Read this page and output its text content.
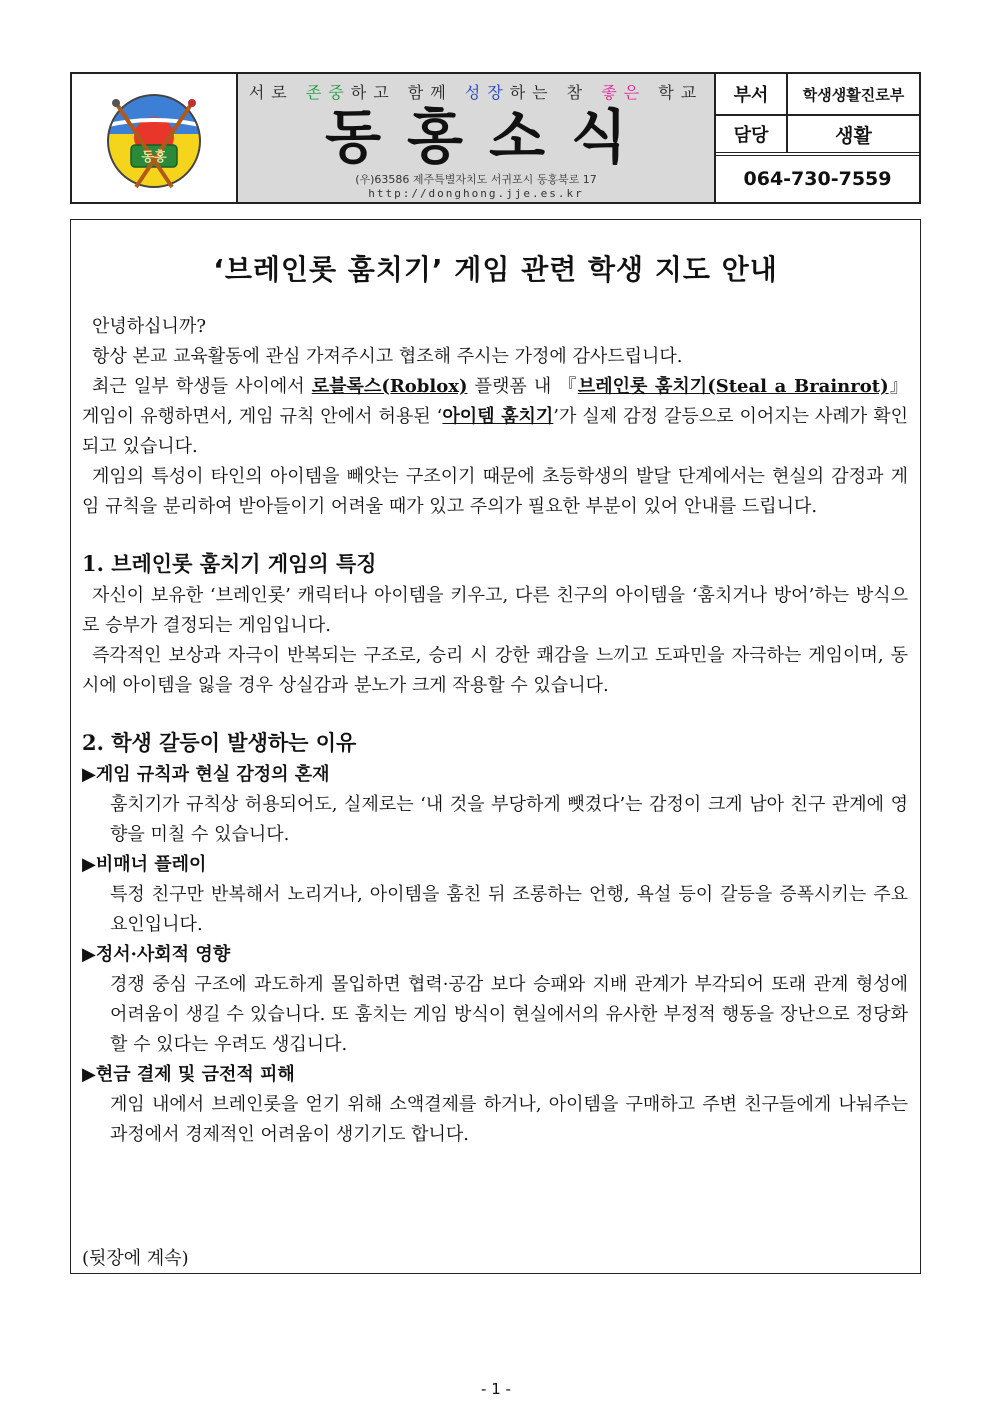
동홍
서로 존중하고 함께 성장하는 참 좋은 학교
동홍소식
(우)63586 제주특별자치도 서귀포시 동홍북로 17
http://donghong.jje.es.kr
부서	학생생활진로부
담당	생활
064-730-7559
‘브레인롯 훔치기’ 게임 관련 학생 지도 안내

안녕하십니까?

항상 본교 교육활동에 관심 가져주시고 협조해 주시는 가정에 감사드립니다.

최근 일부 학생들 사이에서 로블록스(Roblox) 플랫폼 내 『브레인롯 훔치기(Steal a Brainrot)』게임이 유행하면서, 게임 규칙 안에서 허용된 ‘아이템 훔치기’가 실제 감정 갈등으로 이어지는 사례가 확인되고 있습니다.

게임의 특성이 타인의 아이템을 빼앗는 구조이기 때문에 초등학생의 발달 단계에서는 현실의 감정과 게임 규칙을 분리하여 받아들이기 어려울 때가 있고 주의가 필요한 부분이 있어 안내를 드립니다.

1. 브레인롯 훔치기 게임의 특징

자신이 보유한 ‘브레인롯’ 캐릭터나 아이템을 키우고, 다른 친구의 아이템을 ‘훔치거나 방어’하는 방식으로 승부가 결정되는 게임입니다.

즉각적인 보상과 자극이 반복되는 구조로, 승리 시 강한 쾌감을 느끼고 도파민을 자극하는 게임이며, 동시에 아이템을 잃을 경우 상실감과 분노가 크게 작용할 수 있습니다.

2. 학생 갈등이 발생하는 이유

▶게임 규칙과 현실 감정의 혼재

훔치기가 규칙상 허용되어도, 실제로는 ‘내 것을 부당하게 뺏겼다’는 감정이 크게 남아 친구 관계에 영향을 미칠 수 있습니다.

▶비매너 플레이

특정 친구만 반복해서 노리거나, 아이템을 훔친 뒤 조롱하는 언행, 욕설 등이 갈등을 증폭시키는 주요 요인입니다.

▶정서·사회적 영향

경쟁 중심 구조에 과도하게 몰입하면 협력·공감 보다 승패와 지배 관계가 부각되어 또래 관계 형성에 어려움이 생길 수 있습니다. 또 훔치는 게임 방식이 현실에서의 유사한 부정적 행동을 장난으로 정당화할 수 있다는 우려도 생깁니다.

▶현금 결제 및 금전적 피해

게임 내에서 브레인롯을 얻기 위해 소액결제를 하거나, 아이템을 구매하고 주변 친구들에게 나눠주는 과정에서 경제적인 어려움이 생기기도 합니다.

(뒷장에 계속)
- 1 -
